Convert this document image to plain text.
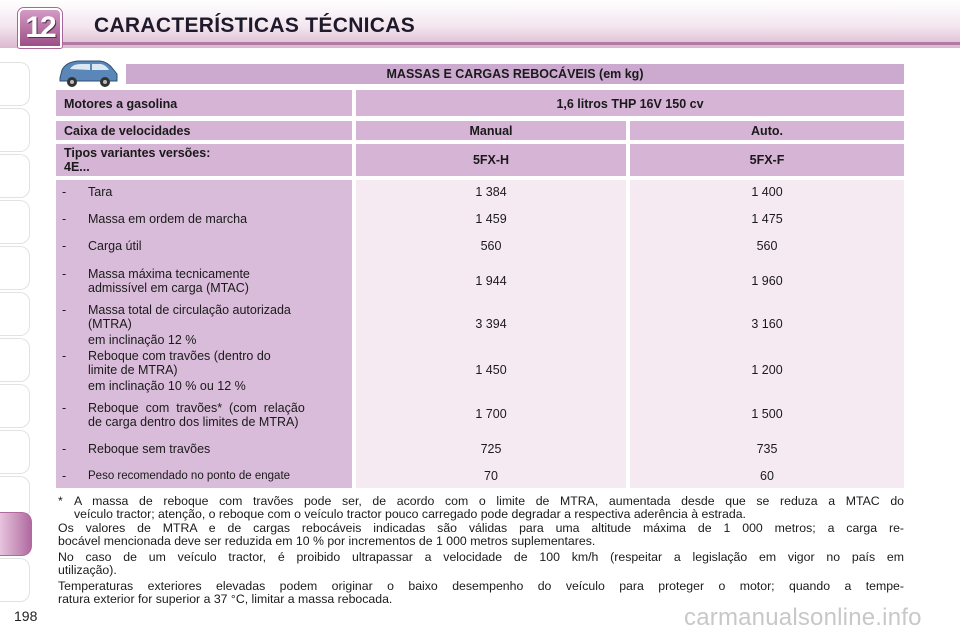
12	CARACTERÍSTICAS TÉCNICAS
MASSAS E CARGAS REBOCÁVEIS (em kg)
Motores a gasolina	1,6 litros THP 16V 150 cv
Caixa de velocidades	Manual	Auto.
Tipos variantes versões:
4E...	5FX-H	5FX-F
- Tara	1 384	1 400
- Massa em ordem de marcha	1 459	1 475
- Carga útil	560	560
- Massa máxima tecnicamente
admissível em carga (MTAC)	1 944	1 960
- Massa total de circulação autorizada
(MTRA)
em inclinação 12 %
3 394	3 160
- Reboque com travões (dentro do
limite de MTRA)
em inclinação 10 % ou 12 %
1 450	1 200
- Reboque  com  travões*  (com  relação
de carga dentro dos limites de MTRA)
1 700	1 500
- Reboque sem travões	725	735
- Peso recomendado no ponto de engate	70	60
* A massa de reboque com travões pode ser, de acordo com o limite de MTRA, aumentada desde que se reduza a MTAC do
veículo tractor; atenção, o reboque com o veículo tractor pouco carregado pode degradar a respectiva aderência à estrada.
Os valores de MTRA e de cargas rebocáveis indicadas são válidas para uma altitude máxima de 1 000 metros; a carga re-
bocável mencionada deve ser reduzida em 10 % por incrementos de 1 000 metros suplementares.
No caso de um veículo tractor, é proibido ultrapassar a velocidade de 100 km/h (respeitar a legislação em vigor no país em
utilização).
Temperaturas exteriores elevadas podem originar o baixo desempenho do veículo para proteger o motor; quando a tempe-
ratura exterior for superior a 37 °C, limitar a massa rebocada.
198	carmanualsonline.info
